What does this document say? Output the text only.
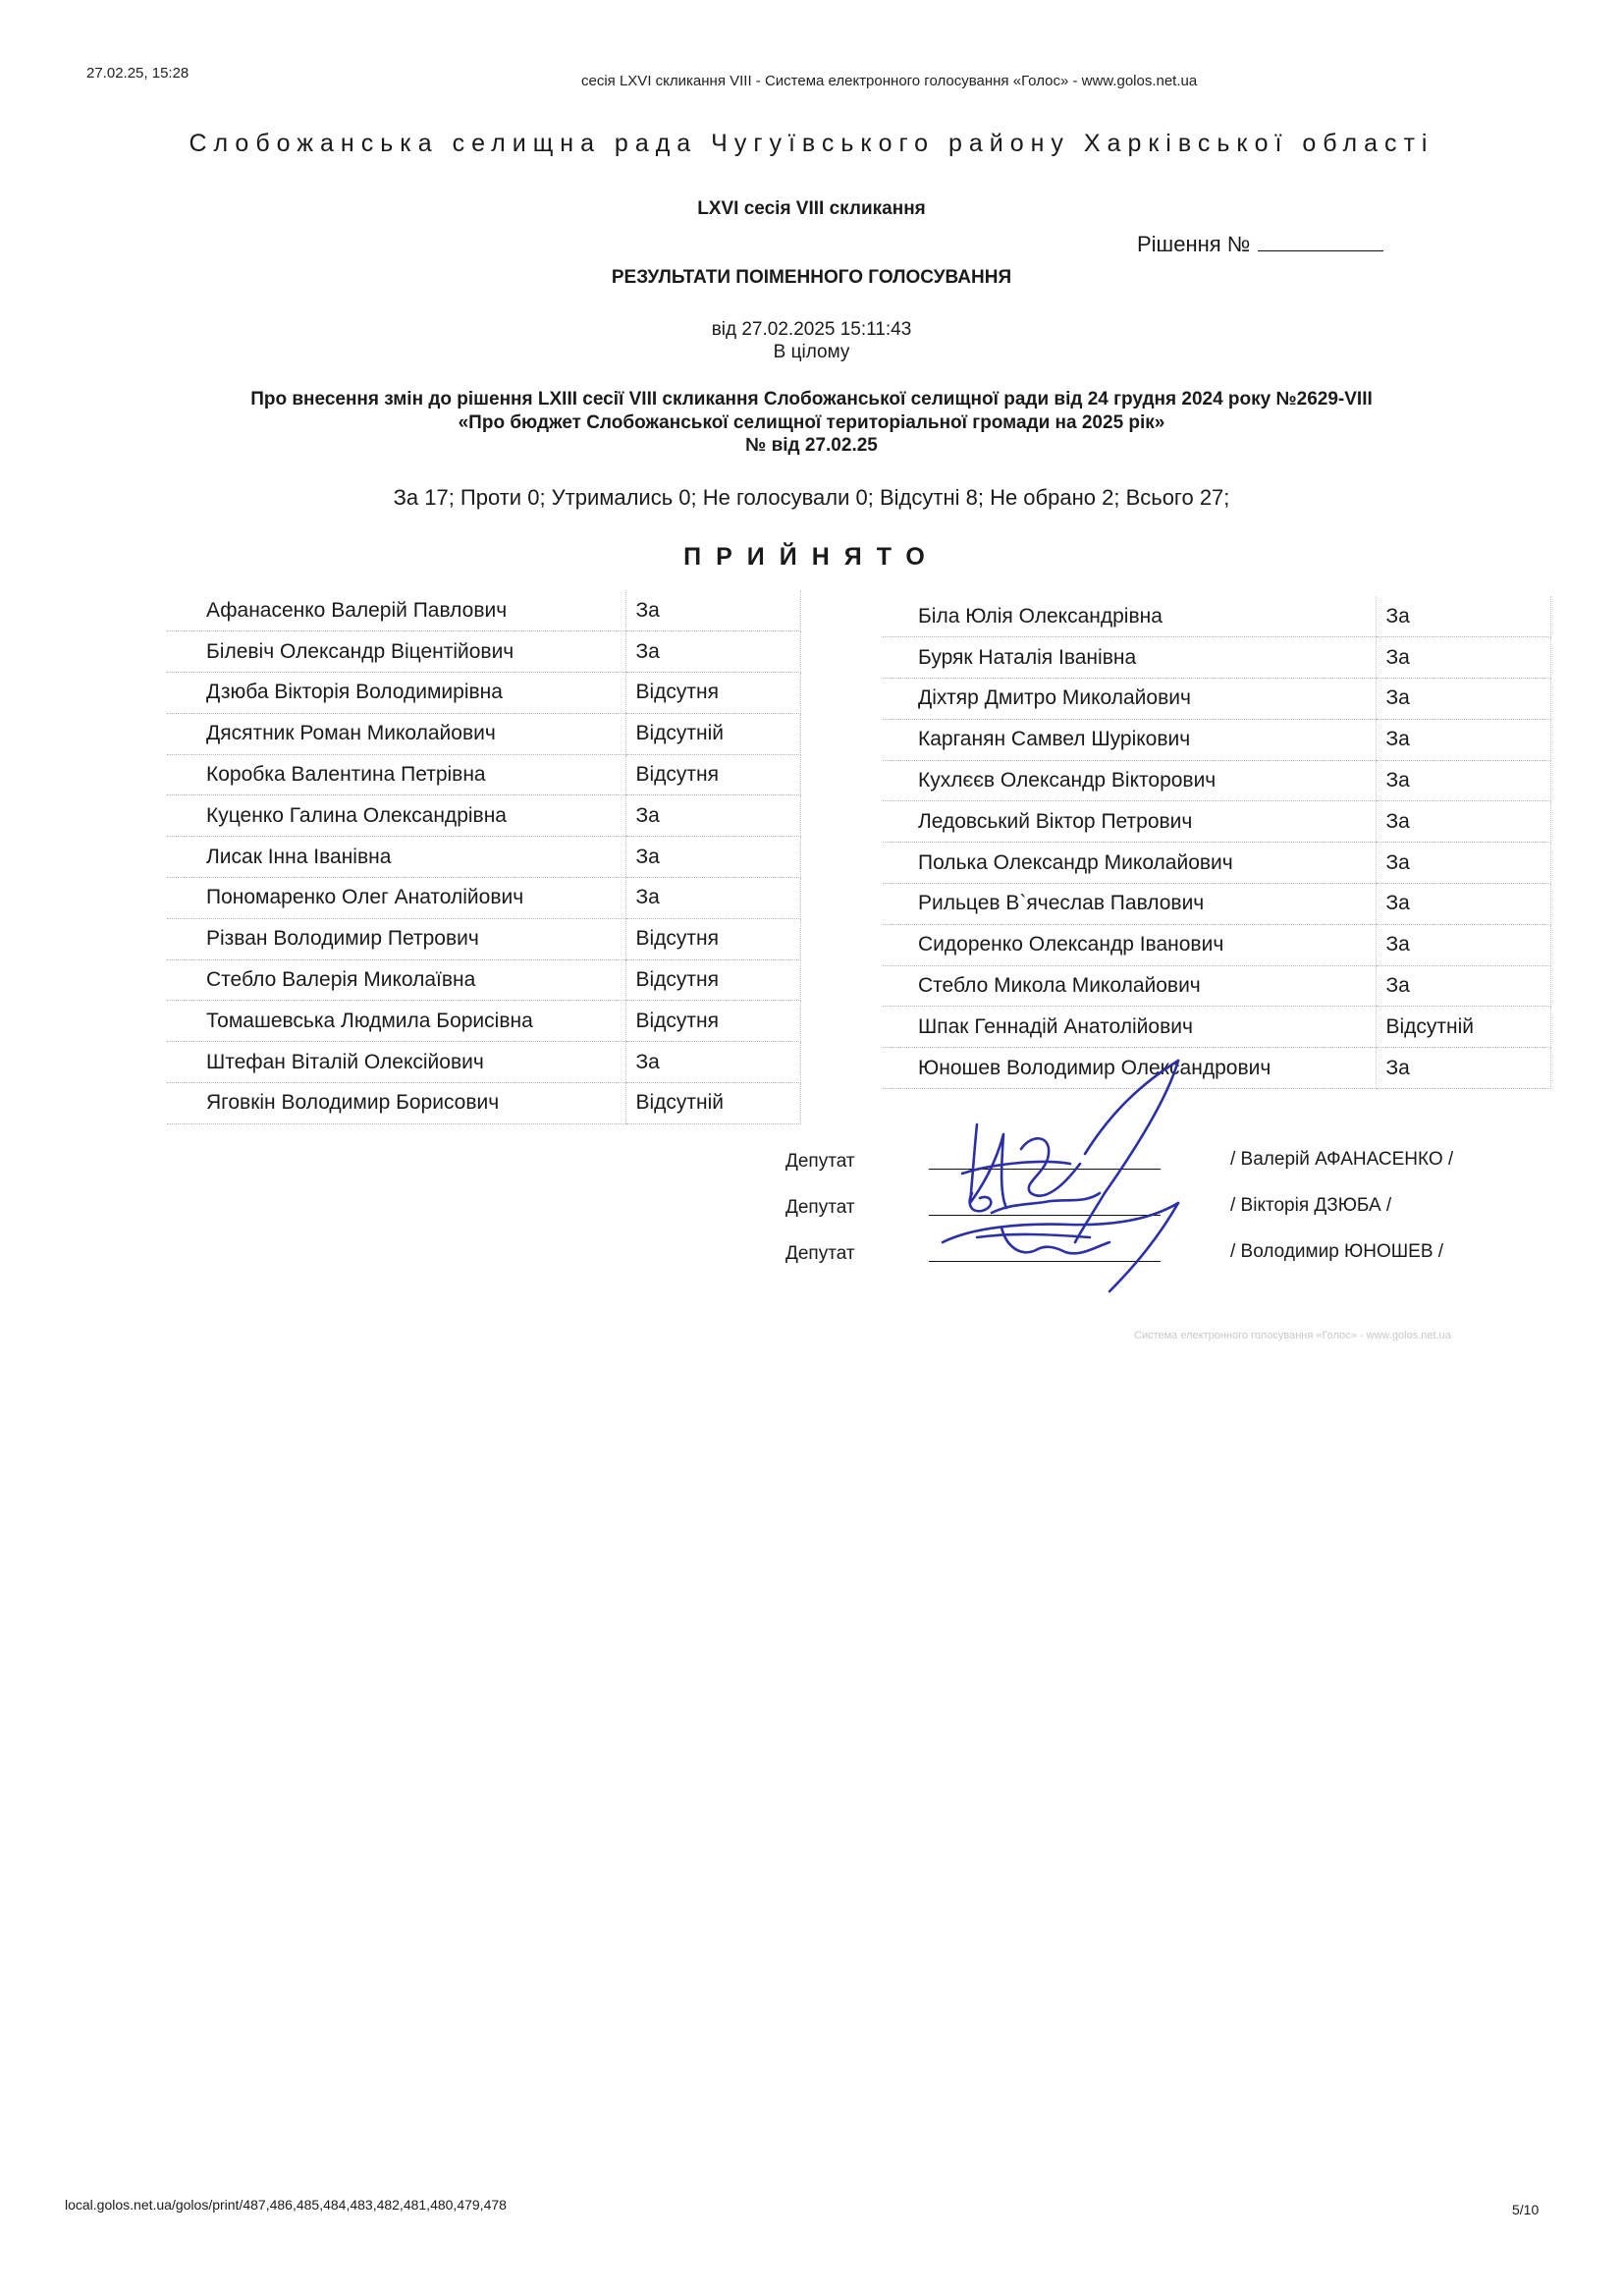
27.02.25, 15:28	сесія LXVI скликання VIII - Система електронного голосування «Голос» - www.golos.net.ua
Слобожанська селищна рада Чугуївського району Харківської області
LXVI сесія VIII скликання
Рішення №
РЕЗУЛЬТАТИ ПОІМЕННОГО ГОЛОСУВАННЯ
від 27.02.2025 15:11:43
В цілому
Про внесення змін до рішення LXIII сесії VIII скликання Слобожанської селищної ради від 24 грудня 2024 року №2629-VIII
«Про бюджет Слобожанської селищної територіальної громади на 2025 рік»
№ від 27.02.25
За 17; Проти 0; Утримались 0; Не голосували 0; Відсутні 8; Не обрано 2; Всього 27;
ПРИЙНЯТО
Афанасенко Валерій Павлович	За
Білевіч Олександр Віцентійович	За
Дзюба Вікторія Володимирівна	Відсутня
Дясятник Роман Миколайович	Відсутній
Коробка Валентина Петрівна	Відсутня
Куценко Галина Олександрівна	За
Лисак Інна Іванівна	За
Пономаренко Олег Анатолійович	За
Різван Володимир Петрович	Відсутня
Стебло Валерія Миколаївна	Відсутня
Томашевська Людмила Борисівна	Відсутня
Штефан Віталій Олексійович	За
Яговкін Володимир Борисович	Відсутній
Біла Юлія Олександрівна	За
Буряк Наталія Іванівна	За
Діхтяр Дмитро Миколайович	За
Карганян Самвел Шурікович	За
Кухлєєв Олександр Вікторович	За
Ледовський Віктор Петрович	За
Полька Олександр Миколайович	За
Рильцев В`ячеслав Павлович	За
Сидоренко Олександр Іванович	За
Стебло Микола Миколайович	За
Шпак Геннадій Анатолійович	Відсутній
Юношев Володимир Олександрович	За
Депутат
Депутат
Депутат
/ Валерій АФАНАСЕНКО /
/ Вікторія ДЗЮБА /
/ Володимир ЮНОШЕВ /
Система електронного голосування «Голос» - www.golos.net.ua
local.golos.net.ua/golos/print/487,486,485,484,483,482,481,480,479,478	5/10
